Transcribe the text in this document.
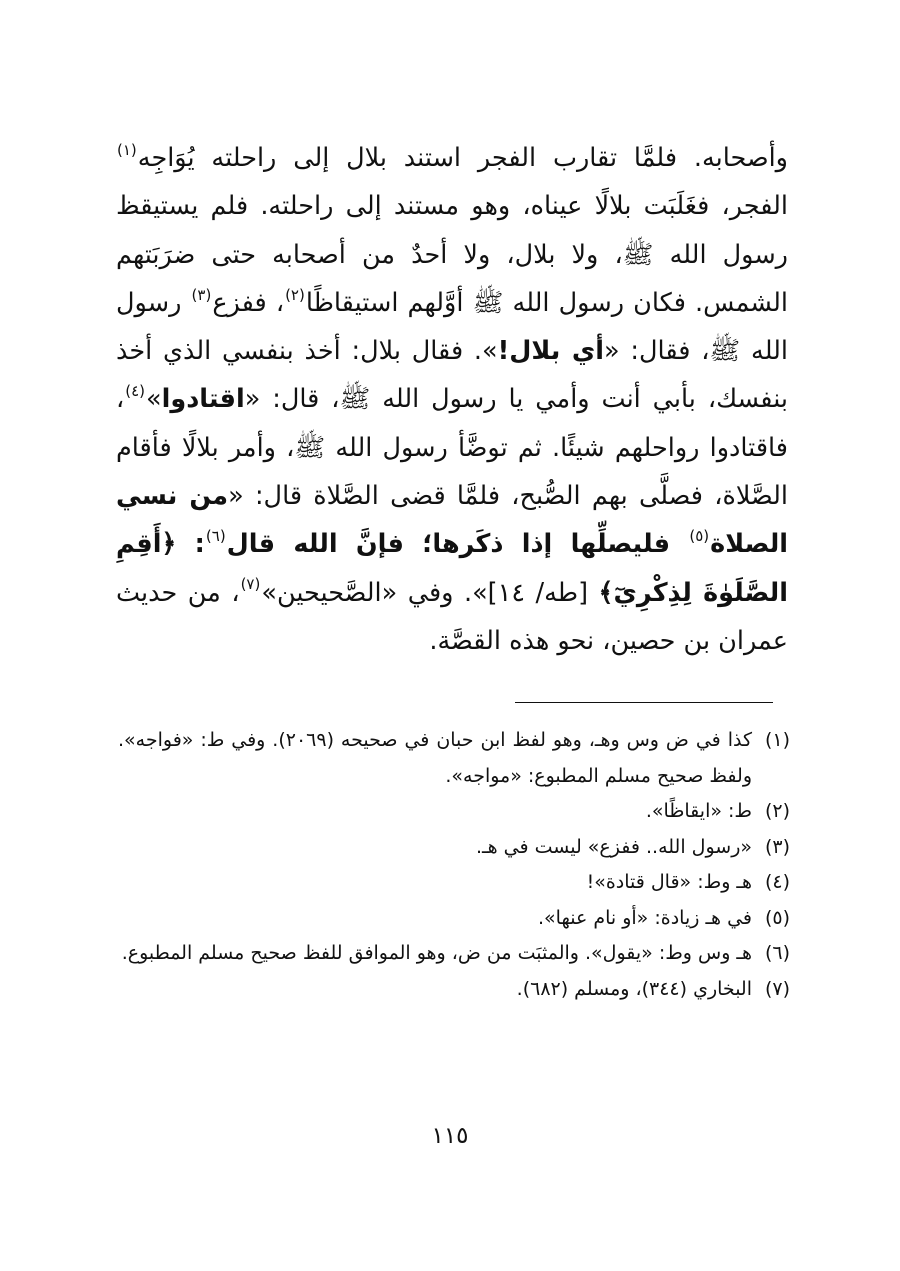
وأصحابه. فلمَّا تقارب الفجر استند بلال إلى راحلته يُوَاجِه$^{(١)}$ الفجر، فغَلَبَت بلالًا عيناه، وهو مستند إلى راحلته. فلم يستيقظ رسول الله ﷺ، ولا بلال، ولا أحدٌ من أصحابه حتى ضرَبَتهم الشمس. فكان رسول الله ﷺ أوَّلهم استيقاظًا$^{(٢)}$، ففزع$^{(٣)}$ رسول الله ﷺ، فقال: «أي بلال!». فقال بلال: أخذ بنفسي الذي أخذ بنفسك، بأبي أنت وأمي يا رسول الله ﷺ، قال: «اقتادوا»$^{(٤)}$، فاقتادوا رواحلهم شيئًا. ثم توضَّأ رسول الله ﷺ، وأمر بلالًا فأقام الصَّلاة، فصلَّى بهم الصُّبح، فلمَّا قضى الصَّلاة قال: «من نسي الصلاة$^{(٥)}$ فليصلِّها إذا ذكَرها؛ فإنَّ الله قال$^{(٦)}$: ﴿أَقِمِ الصَّلَوٰةَ لِذِكْرِيٓ﴾ [طه/ ١٤]». وفي «الصَّحيحين»$^{(٧)}$، من حديث عمران بن حصين، نحو هذه القصَّة.

(١)
كذا في ض وس وهـ، وهو لفظ ابن حبان في صحيحه (٢٠٦٩). وفي ط: «فواجه». ولفظ صحيح مسلم المطبوع: «مواجه».
(٢)
ط: «ايقاظًا».
(٣)
«رسول الله.. ففزع» ليست في هـ.
(٤)
هـ وط: «قال قتادة»!
(٥)
في هـ زيادة: «أو نام عنها».
(٦)
هـ وس وط: «يقول». والمثبَت من ض، وهو الموافق للفظ صحيح مسلم المطبوع.
(٧)
البخاري (٣٤٤)، ومسلم (٦٨٢).
١١٥
